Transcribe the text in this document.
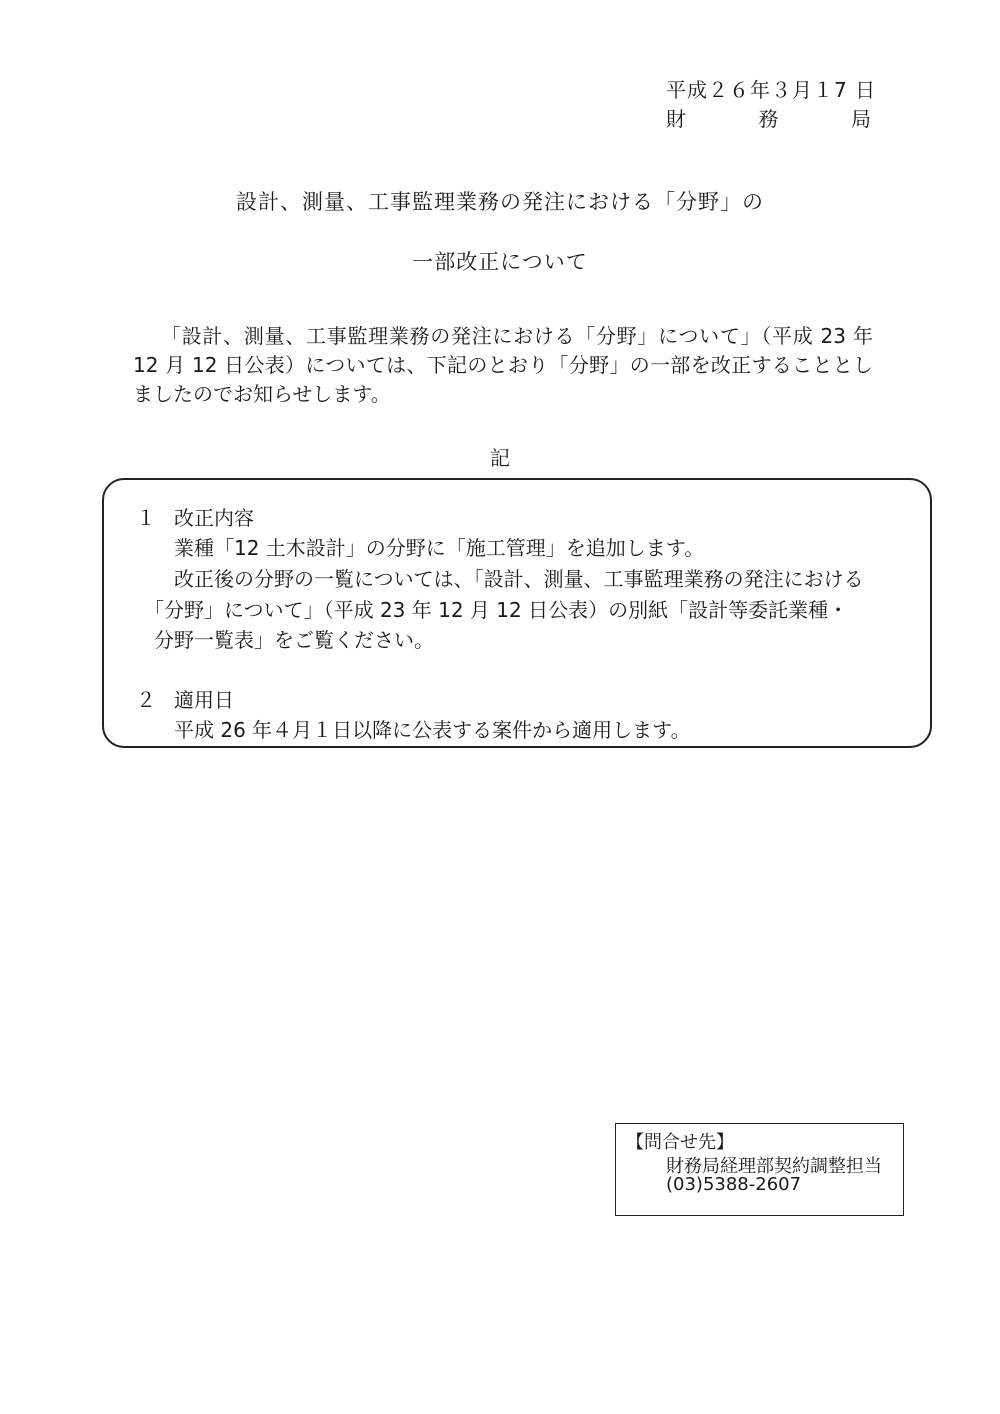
平成２６年３月１7 日
財	務	局
設計、測量、工事監理業務の発注における「分野」の
一部改正について
「設計、測量、工事監理業務の発注における「分野」について」（平成 23 年
12 月 12 日公表）については、下記のとおり「分野」の一部を改正することとし
ましたのでお知らせします。
記
１ 改正内容
業種「12 土木設計」の分野に「施工管理」を追加します。
改正後の分野の一覧については、「設計、測量、工事監理業務の発注における
「分野」について」（平成 23 年 12 月 12 日公表）の別紙「設計等委託業種・
分野一覧表」をご覧ください。
２ 適用日
平成 26 年４月１日以降に公表する案件から適用します。
【問合せ先】
財務局経理部契約調整担当
(03)5388-2607
